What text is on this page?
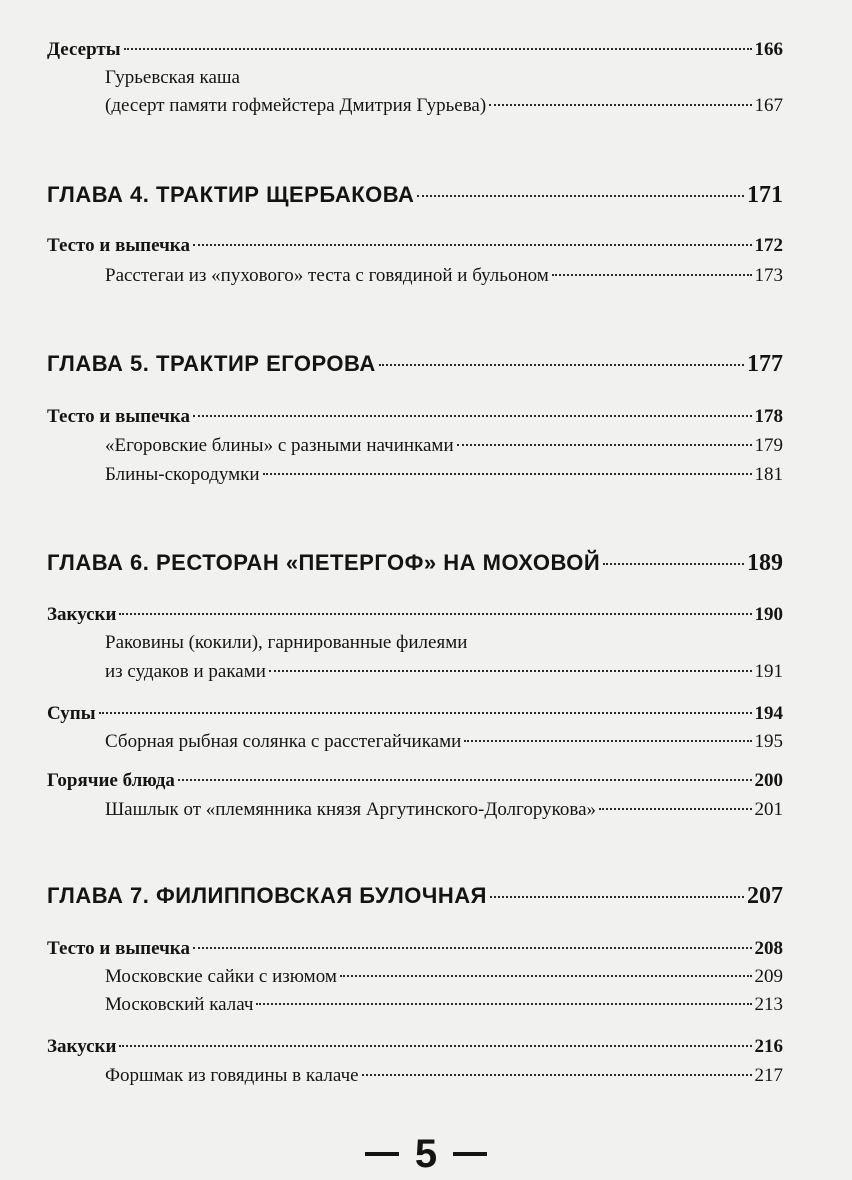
Десерты	166
Гурьевская каша
(десерт памяти гофмейстера Дмитрия Гурьева)	167
ГЛАВА 4. ТРАКТИР ЩЕРБАКОВА	171
Тесто и выпечка	172
Расстегаи из «пухового» теста с говядиной и бульоном	173
ГЛАВА 5. ТРАКТИР ЕГОРОВА	177
Тесто и выпечка	178
«Егоровские блины» с разными начинками	179
Блины-скородумки	181
ГЛАВА 6. РЕСТОРАН «ПЕТЕРГОФ» НА МОХОВОЙ	189
Закуски	190
Раковины (кокили), гарнированные филеями
из судаков и раками	191
Супы	194
Сборная рыбная солянка с расстегайчиками	195
Горячие блюда	200
Шашлык от «племянника князя Аргутинского-Долгорукова»	201
ГЛАВА 7. ФИЛИППОВСКАЯ БУЛОЧНАЯ	207
Тесто и выпечка	208
Московские сайки с изюмом	209
Московский калач	213
Закуски	216
Форшмак из говядины в калаче	217
5
